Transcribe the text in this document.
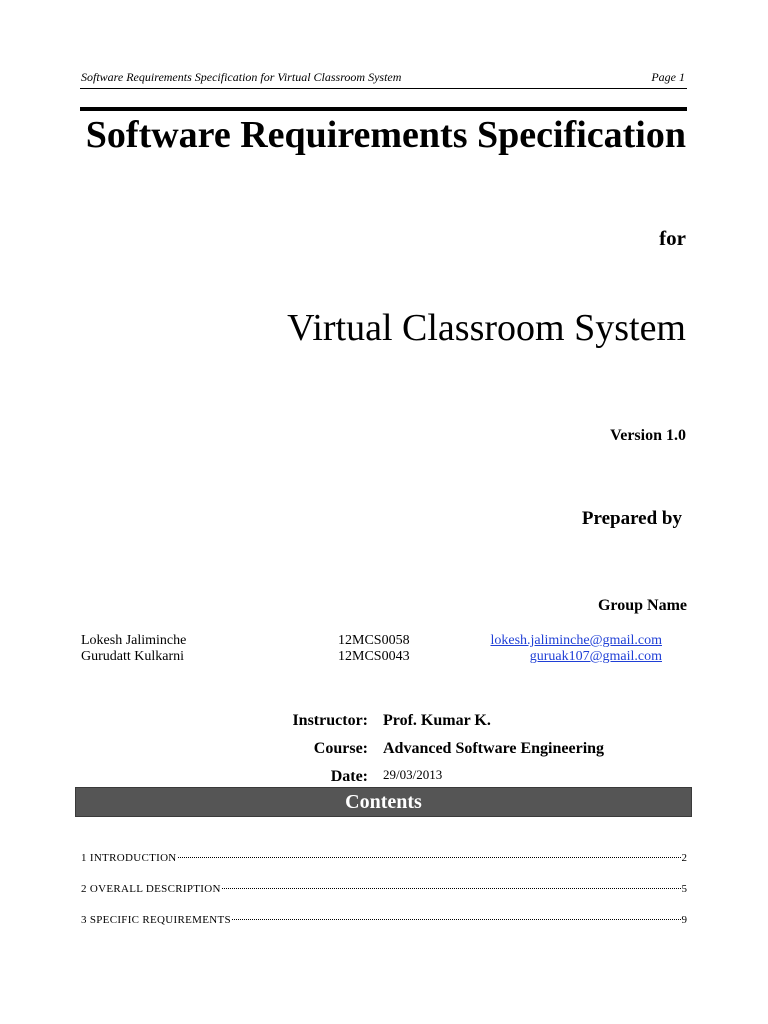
Software Requirements Specification for Virtual Classroom System	Page 1
Software Requirements Specification
for
Virtual Classroom System
Version 1.0
Prepared by
Group Name
Lokesh Jaliminche	12MCS0058	lokesh.jaliminche@gmail.com
Gurudatt Kulkarni	12MCS0043	guruak107@gmail.com
Instructor: Prof. Kumar K.
Course: Advanced Software Engineering
Date: 29/03/2013
Contents
1 INTRODUCTION	2
2 OVERALL DESCRIPTION	5
3 SPECIFIC REQUIREMENTS	9
